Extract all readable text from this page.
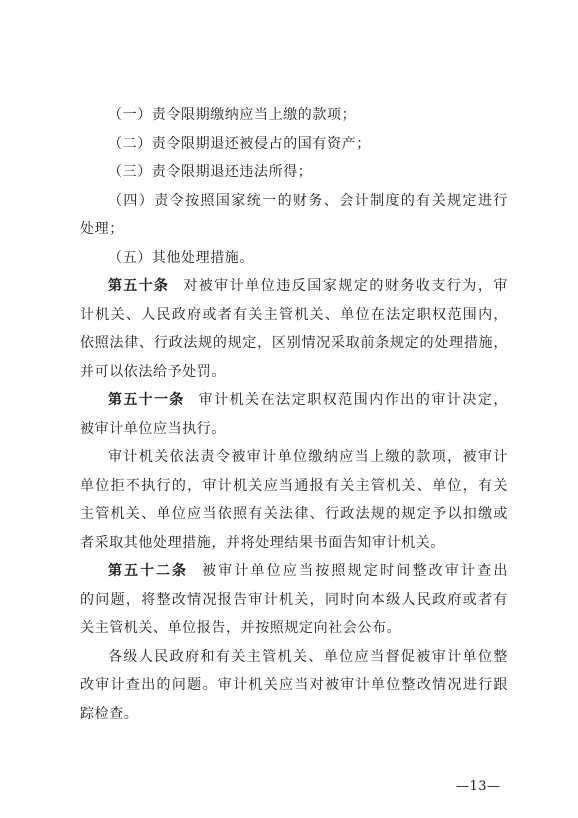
（一）责令限期缴纳应当上缴的款项；
（二）责令限期退还被侵占的国有资产；
（三）责令限期退还违法所得；
（四）责令按照国家统一的财务、会计制度的有关规定进行
处理；
（五）其他处理措施。
第五十条 对被审计单位违反国家规定的财务收支行为，审
计机关、人民政府或者有关主管机关、单位在法定职权范围内，
依照法律、行政法规的规定，区别情况采取前条规定的处理措施，
并可以依法给予处罚。
第五十一条 审计机关在法定职权范围内作出的审计决定，
被审计单位应当执行。
审计机关依法责令被审计单位缴纳应当上缴的款项，被审计
单位拒不执行的，审计机关应当通报有关主管机关、单位，有关
主管机关、单位应当依照有关法律、行政法规的规定予以扣缴或
者采取其他处理措施，并将处理结果书面告知审计机关。
第五十二条 被审计单位应当按照规定时间整改审计查出
的问题，将整改情况报告审计机关，同时向本级人民政府或者有
关主管机关、单位报告，并按照规定向社会公布。
各级人民政府和有关主管机关、单位应当督促被审计单位整
改审计查出的问题。审计机关应当对被审计单位整改情况进行跟
踪检查。
—13—
